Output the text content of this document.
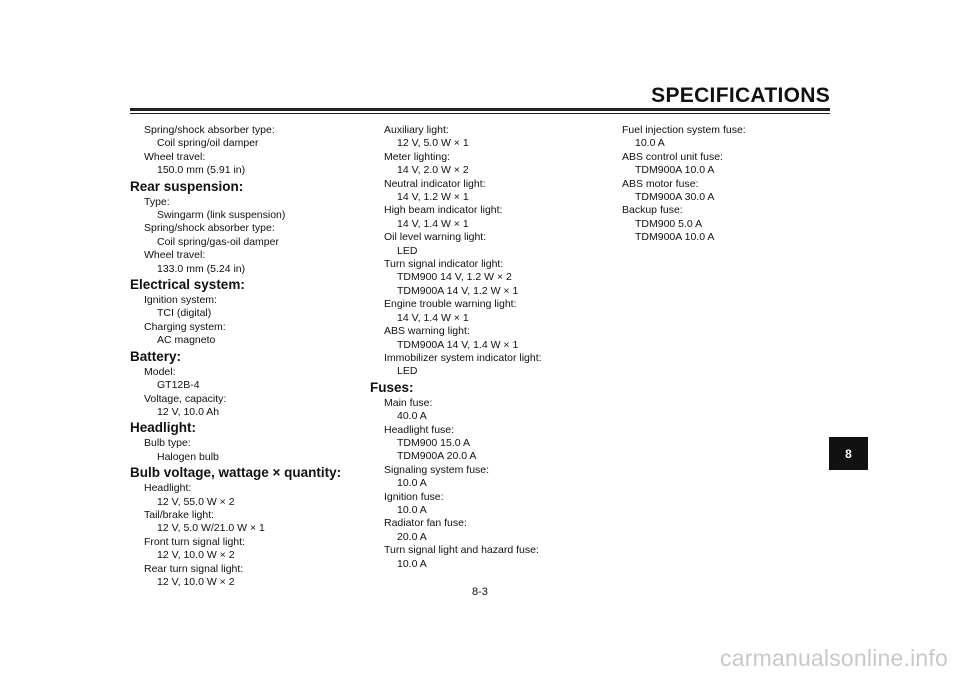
SPECIFICATIONS
Spring/shock absorber type:
Coil spring/oil damper
Wheel travel:
150.0 mm (5.91 in)
Rear suspension:
Type:
Swingarm (link suspension)
Spring/shock absorber type:
Coil spring/gas-oil damper
Wheel travel:
133.0 mm (5.24 in)
Electrical system:
Ignition system:
TCI (digital)
Charging system:
AC magneto
Battery:
Model:
GT12B-4
Voltage, capacity:
12 V, 10.0 Ah
Headlight:
Bulb type:
Halogen bulb
Bulb voltage, wattage × quantity:
Headlight:
12 V, 55.0 W × 2
Tail/brake light:
12 V, 5.0 W/21.0 W × 1
Front turn signal light:
12 V, 10.0 W × 2
Rear turn signal light:
12 V, 10.0 W × 2
Auxiliary light:
12 V, 5.0 W × 1
Meter lighting:
14 V, 2.0 W × 2
Neutral indicator light:
14 V, 1.2 W × 1
High beam indicator light:
14 V, 1.4 W × 1
Oil level warning light:
LED
Turn signal indicator light:
TDM900 14 V, 1.2 W × 2
TDM900A 14 V, 1.2 W × 1
Engine trouble warning light:
14 V, 1.4 W × 1
ABS warning light:
TDM900A 14 V, 1.4 W × 1
Immobilizer system indicator light:
LED
Fuses:
Main fuse:
40.0 A
Headlight fuse:
TDM900 15.0 A
TDM900A 20.0 A
Signaling system fuse:
10.0 A
Ignition fuse:
10.0 A
Radiator fan fuse:
20.0 A
Turn signal light and hazard fuse:
10.0 A
Fuel injection system fuse:
10.0 A
ABS control unit fuse:
TDM900A 10.0 A
ABS motor fuse:
TDM900A 30.0 A
Backup fuse:
TDM900 5.0 A
TDM900A 10.0 A
8
8-3
carmanualsonline.info
